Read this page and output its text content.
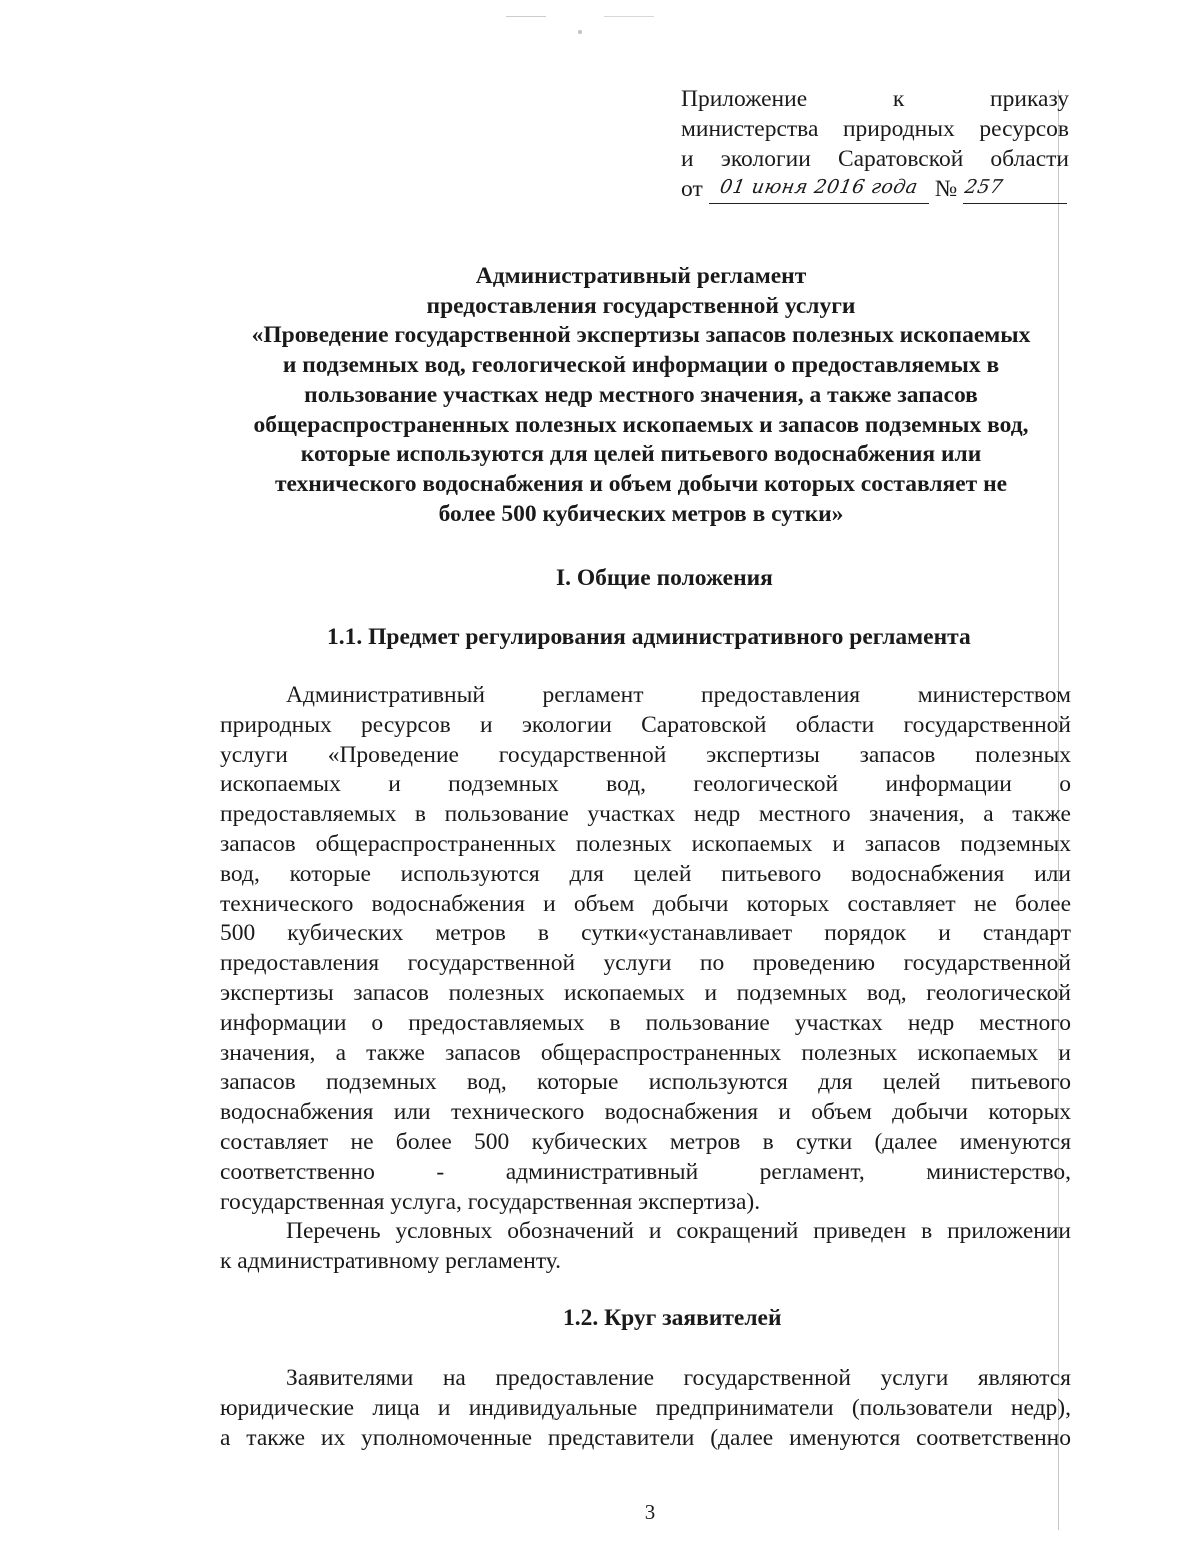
Приложение к приказу
министерства природных ресурсов
и экологии Саратовской области
от 01 июня 2016 года № 257
Административный регламент
предоставления государственной услуги
«Проведение государственной экспертизы запасов полезных ископаемых
и подземных вод, геологической информации о предоставляемых в
пользование участках недр местного значения, а также запасов
общераспространенных полезных ископаемых и запасов подземных вод,
которые используются для целей питьевого водоснабжения или
технического водоснабжения и объем добычи которых составляет не
более 500 кубических метров в сутки»
I. Общие положения
1.1. Предмет регулирования административного регламента
Административный регламент предоставления министерством
природных ресурсов и экологии Саратовской области государственной
услуги «Проведение государственной экспертизы запасов полезных
ископаемых и подземных вод, геологической информации о
предоставляемых в пользование участках недр местного значения, а также
запасов общераспространенных полезных ископаемых и запасов подземных
вод, которые используются для целей питьевого водоснабжения или
технического водоснабжения и объем добычи которых составляет не более
500 кубических метров в сутки«устанавливает порядок и стандарт
предоставления государственной услуги по проведению государственной
экспертизы запасов полезных ископаемых и подземных вод, геологической
информации о предоставляемых в пользование участках недр местного
значения, а также запасов общераспространенных полезных ископаемых и
запасов подземных вод, которые используются для целей питьевого
водоснабжения или технического водоснабжения и объем добычи которых
составляет не более 500 кубических метров в сутки (далее именуются
соответственно - административный регламент, министерство,
государственная услуга, государственная экспертиза).
Перечень условных обозначений и сокращений приведен в приложении
к административному регламенту.
1.2. Круг заявителей
Заявителями на предоставление государственной услуги являются
юридические лица и индивидуальные предприниматели (пользователи недр),
а также их уполномоченные представители (далее именуются соответственно
3
